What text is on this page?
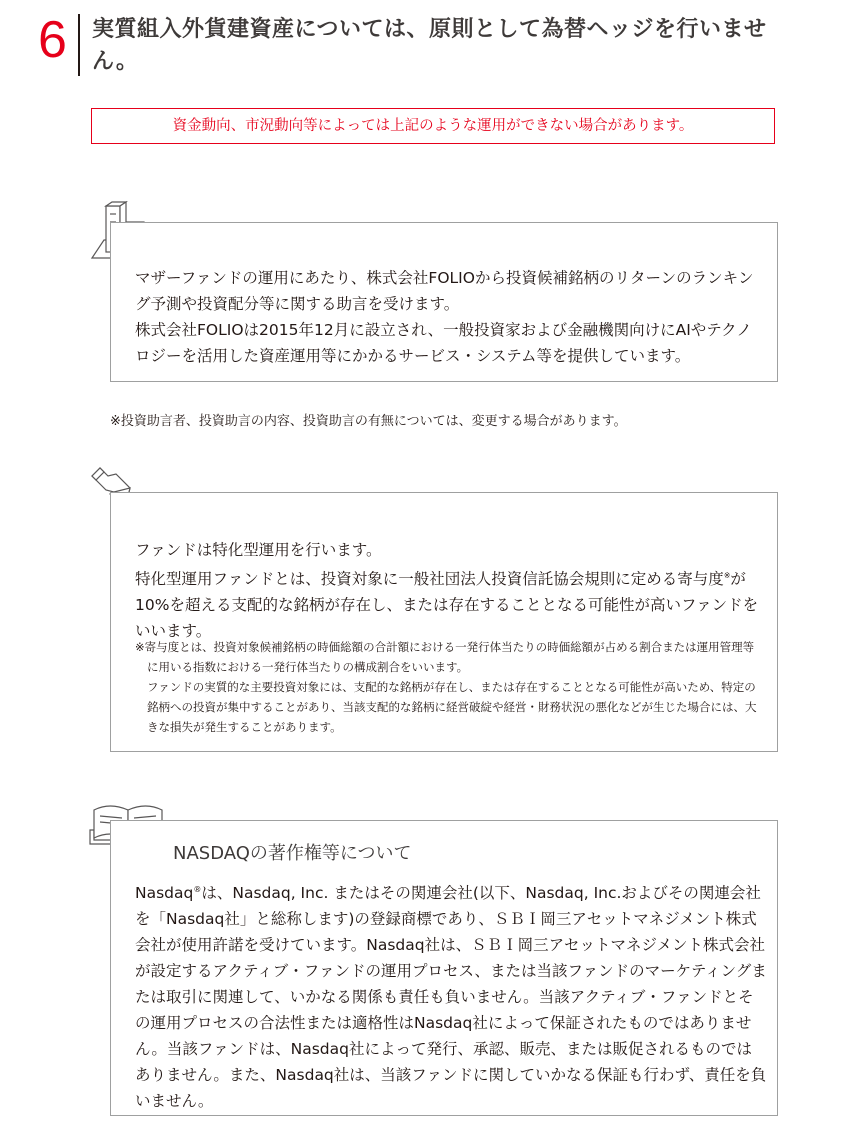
6 実質組入外貨建資産については、原則として為替ヘッジを行いません。
資金動向、市況動向等によっては上記のような運用ができない場合があります。

マザーファンドの運用にあたり、株式会社FOLIOから投資候補銘柄のリターンのランキング予測や投資配分等に関する助言を受けます。

株式会社FOLIOは2015年12月に設立され、一般投資家および金融機関向けにAIやテクノロジーを活用した資産運用等にかかるサービス・システム等を提供しています。

※投資助言者、投資助言の内容、投資助言の有無については、変更する場合があります。
ファンドは特化型運用を行います。
特化型運用ファンドとは、投資対象に一般社団法人投資信託協会規則に定める寄与度※が10%を超える支配的な銘柄が存在し、または存在することとなる可能性が高いファンドをいいます。

※寄与度とは、投資対象候補銘柄の時価総額の合計額における一発行体当たりの時価総額が占める割合または運用管理等に用いる指数における一発行体当たりの構成割合をいいます。

ファンドの実質的な主要投資対象には、支配的な銘柄が存在し、または存在することとなる可能性が高いため、特定の銘柄への投資が集中することがあり、当該支配的な銘柄に経営破綻や経営・財務状況の悪化などが生じた場合には、大きな損失が発生することがあります。

NASDAQの著作権等について

Nasdaq®は、Nasdaq, Inc. またはその関連会社(以下、Nasdaq, Inc.およびその関連会社を「Nasdaq社」と総称します)の登録商標であり、ＳＢＩ岡三アセットマネジメント株式会社が使用許諾を受けています。Nasdaq社は、ＳＢＩ岡三アセットマネジメント株式会社が設定するアクティブ・ファンドの運用プロセス、または当該ファンドのマーケティングまたは取引に関連して、いかなる関係も責任も負いません。当該アクティブ・ファンドとその運用プロセスの合法性または適格性はNasdaq社によって保証されたものではありません。当該ファンドは、Nasdaq社によって発行、承認、販売、または販促されるものではありません。また、Nasdaq社は、当該ファンドに関していかなる保証も行わず、責任を負いません。
